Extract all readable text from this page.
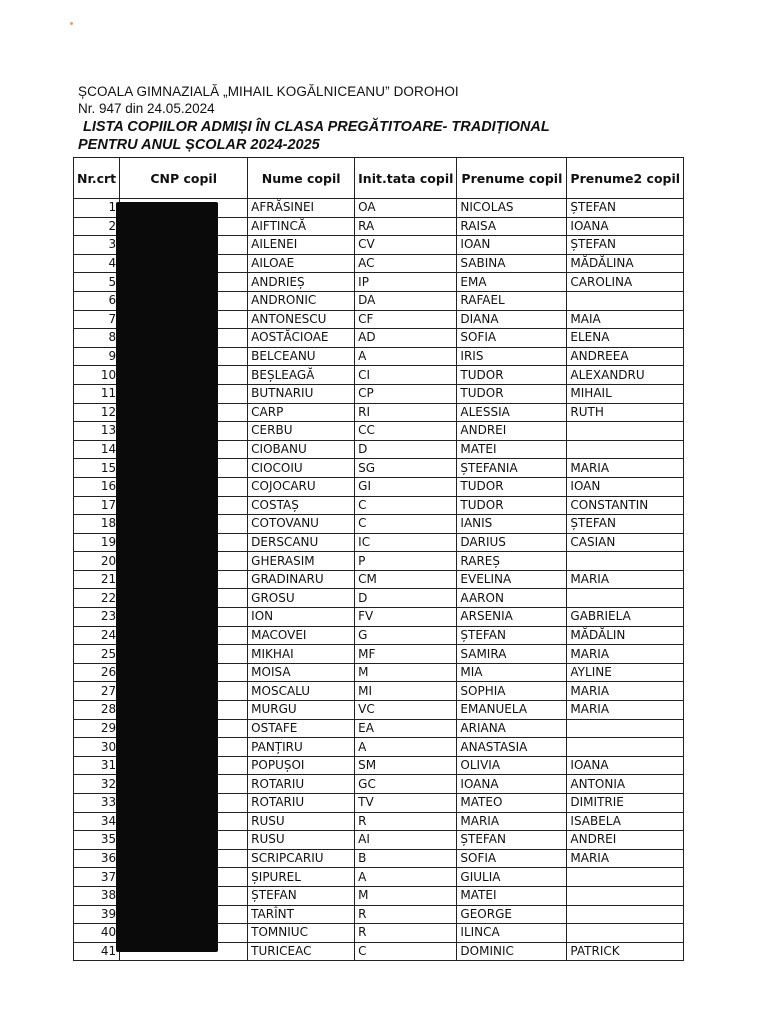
ȘCOALA GIMNAZIALĂ „MIHAIL KOGĂLNICEANU” DOROHOI
Nr. 947 din 24.05.2024
LISTA COPIILOR ADMIȘI ÎN CLASA PREGĂTITOARE- TRADIȚIONAL
PENTRU ANUL ȘCOLAR 2024-2025
Nr.crt	CNP copil	Nume copil	Init.tata copil	Prenume copil	Prenume2 copil
1		AFRĂSINEI	OA	NICOLAS	ȘTEFAN
2		AIFTINCĂ	RA	RAISA	IOANA
3		AILENEI	CV	IOAN	ȘTEFAN
4		AILOAE	AC	SABINA	MĂDĂLINA
5		ANDRIEȘ	IP	EMA	CAROLINA
6		ANDRONIC	DA	RAFAEL	
7		ANTONESCU	CF	DIANA	MAIA
8		AOSTĂCIOAE	AD	SOFIA	ELENA
9		BELCEANU	A	IRIS	ANDREEA
10		BEȘLEAGĂ	CI	TUDOR	ALEXANDRU
11		BUTNARIU	CP	TUDOR	MIHAIL
12		CARP	RI	ALESSIA	RUTH
13		CERBU	CC	ANDREI	
14		CIOBANU	D	MATEI	
15		CIOCOIU	SG	ȘTEFANIA	MARIA
16		COJOCARU	GI	TUDOR	IOAN
17		COSTAȘ	C	TUDOR	CONSTANTIN
18		COTOVANU	C	IANIS	ȘTEFAN
19		DERSCANU	IC	DARIUS	CASIAN
20		GHERASIM	P	RAREȘ	
21		GRADINARU	CM	EVELINA	MARIA
22		GROSU	D	AARON	
23		ION	FV	ARSENIA	GABRIELA
24		MACOVEI	G	ȘTEFAN	MĂDĂLIN
25		MIKHAI	MF	SAMIRA	MARIA
26		MOISA	M	MIA	AYLINE
27		MOSCALU	MI	SOPHIA	MARIA
28		MURGU	VC	EMANUELA	MARIA
29		OSTAFE	EA	ARIANA	
30		PANȚIRU	A	ANASTASIA	
31		POPUȘOI	SM	OLIVIA	IOANA
32		ROTARIU	GC	IOANA	ANTONIA
33		ROTARIU	TV	MATEO	DIMITRIE
34		RUSU	R	MARIA	ISABELA
35		RUSU	AI	ȘTEFAN	ANDREI
36		SCRIPCARIU	B	SOFIA	MARIA
37		ȘIPUREL	A	GIULIA	
38		ȘTEFAN	M	MATEI	
39		TARÎNT	R	GEORGE	
40		TOMNIUC	R	ILINCA	
41		TURICEAC	C	DOMINIC	PATRICK
